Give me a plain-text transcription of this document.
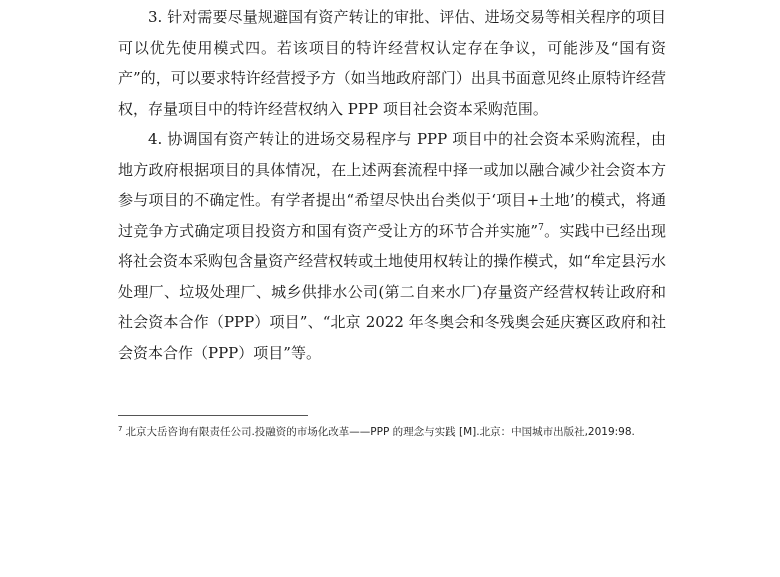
3. 针对需要尽量规避国有资产转让的审批、评估、进场交易等相关程序的项目可以优先使用模式四。若该项目的特许经营权认定存在争议，可能涉及“国有资产”的，可以要求特许经营授予方（如当地政府部门）出具书面意见终止原特许经营权，存量项目中的特许经营权纳入 PPP 项目社会资本采购范围。

4. 协调国有资产转让的进场交易程序与 PPP 项目中的社会资本采购流程，由地方政府根据项目的具体情况，在上述两套流程中择一或加以融合减少社会资本方参与项目的不确定性。有学者提出“希望尽快出台类似于‘项目+土地’的模式，将通过竞争方式确定项目投资方和国有资产受让方的环节合并实施”$^7$。实践中已经出现将社会资本采购包含量资产经营权转或土地使用权转让的操作模式，如“牟定县污水处理厂、垃圾处理厂、城乡供排水公司(第二自来水厂)存量资产经营权转让政府和社会资本合作（PPP）项目”、“北京 2022 年冬奥会和冬残奥会延庆赛区政府和社会资本合作（PPP）项目”等。

$^7$ 北京大岳咨询有限责任公司.投融资的市场化改革——PPP 的理念与实践 [M].北京：中国城市出版社,2019:98.
